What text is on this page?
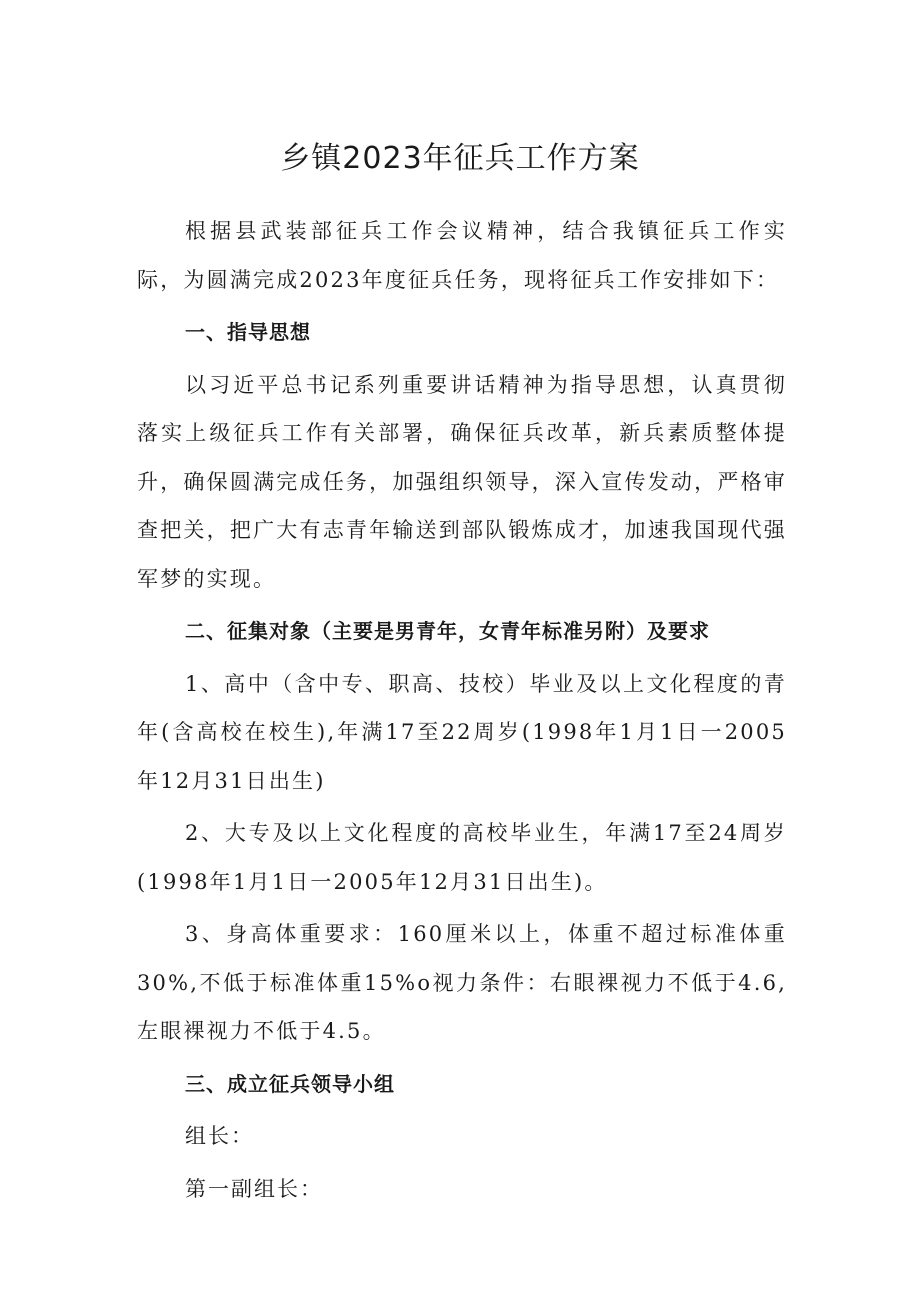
乡镇2023年征兵工作方案

根据县武装部征兵工作会议精神，结合我镇征兵工作实际，为圆满完成2023年度征兵任务，现将征兵工作安排如下：

一、指导思想

以习近平总书记系列重要讲话精神为指导思想，认真贯彻落实上级征兵工作有关部署，确保征兵改革，新兵素质整体提升，确保圆满完成任务，加强组织领导，深入宣传发动，严格审查把关，把广大有志青年输送到部队锻炼成才，加速我国现代强军梦的实现。

二、征集对象（主要是男青年，女青年标准另附）及要求

1、高中（含中专、职高、技校）毕业及以上文化程度的青年(含高校在校生),年满17至22周岁(1998年1月1日一2005年12月31日出生)

2、大专及以上文化程度的高校毕业生，年满17至24周岁(1998年1月1日一2005年12月31日出生)。

3、身高体重要求：160厘米以上，体重不超过标准体重30%,不低于标准体重15%o视力条件：右眼裸视力不低于4.6,左眼裸视力不低于4.5。

三、成立征兵领导小组

组长：

第一副组长：
